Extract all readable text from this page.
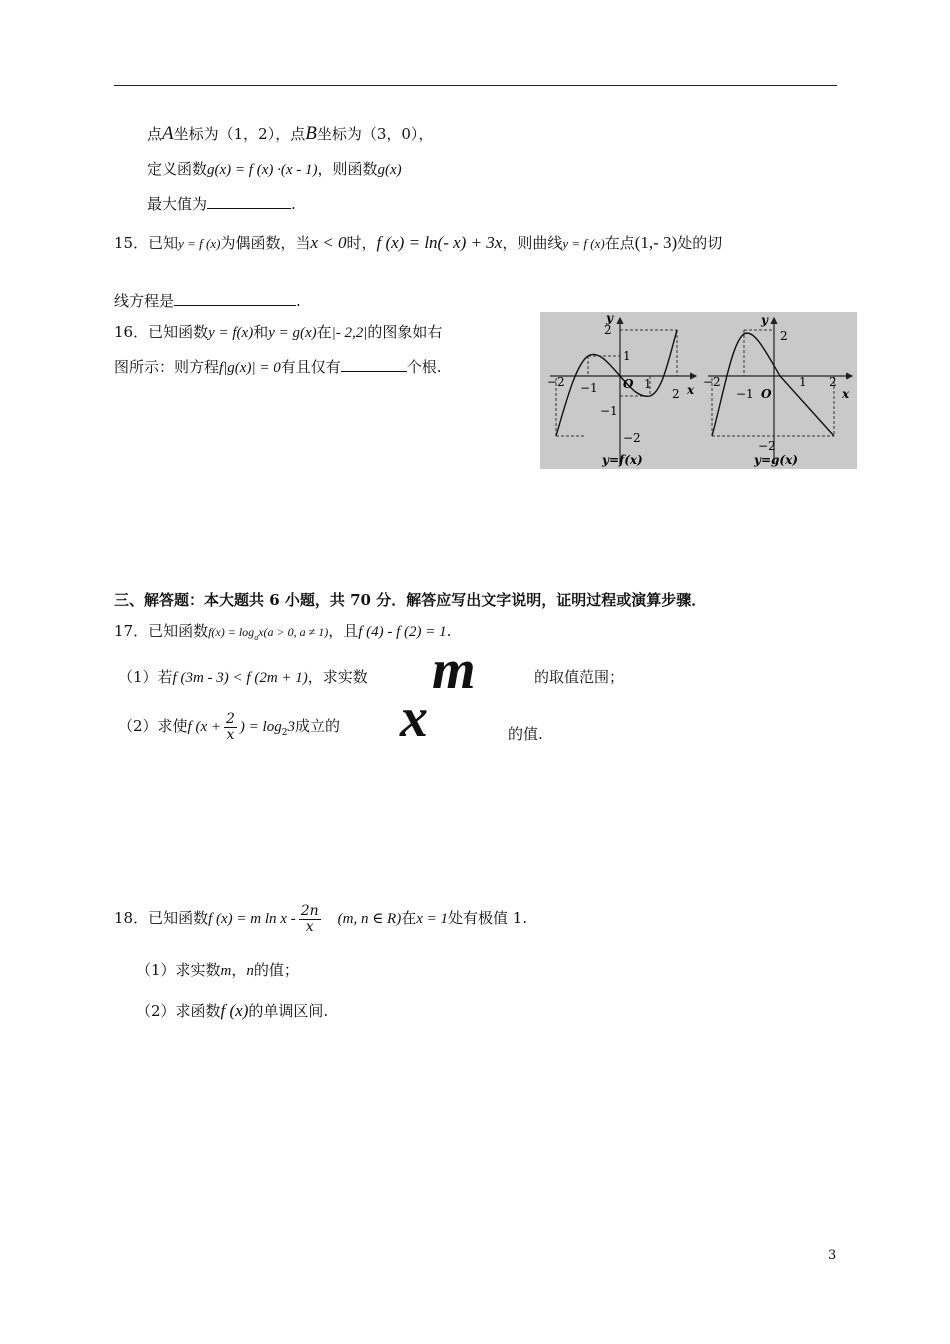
点A坐标为（1，2），点B坐标为（3，0），
定义函数g(x) = f (x) ·(x - 1)，则函数g(x)
最大值为	.
15．已知y = f (x)为偶函数，当x < 0时，f (x) = ln(- x) + 3x，则曲线y = f (x)在点(1,- 3)处的切
线方程是	.
16．已知函数y = f(x)和y = g(x)在|- 2,2|的图象如右
图所示：则方程f|g(x)| = 0有且仅有	个根.
−2 −1 O 1
2
2
1
−1
−2
y
x
y=f(x)
−2
−1 O
1 2
2
−2
y
x
y=g(x)
三、解答题：本大题共 6 小题，共 70 分．解答应写出文字说明，证明过程或演算步骤．
17．已知函数$f(x) = \log_ax(a > 0$, a ≠ 1)，且f (4) - f (2) = 1.
（1）若f (3m - 3) < f (2m + 1)，求实数 m	的取值范围；
（2）求使f ($x + \frac{2}{x}$ ) = $\log_23$成立的 x	的值.
18．已知函数f (x) = m ln x - $\frac{2n}{x} (m$, n ∈ R)在x = 1处有极值 1.
（1）求实数m，n的值；
（2）求函数f (x)的单调区间.
3
